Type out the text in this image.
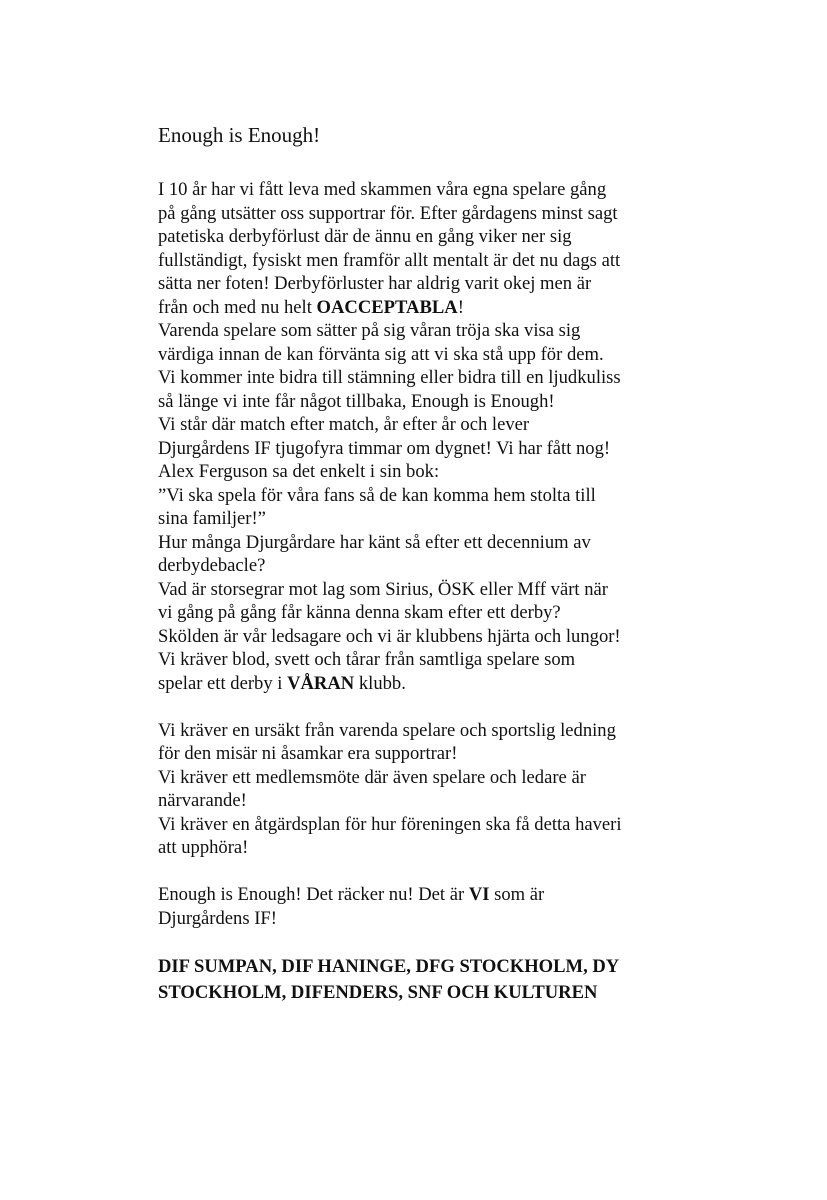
Enough is Enough!

I 10 år har vi fått leva med skammen våra egna spelare gång
på gång utsätter oss supportrar för. Efter gårdagens minst sagt
patetiska derbyförlust där de ännu en gång viker ner sig
fullständigt, fysiskt men framför allt mentalt är det nu dags att
sätta ner foten! Derbyförluster har aldrig varit okej men är
från och med nu helt OACCEPTABLA!
Varenda spelare som sätter på sig våran tröja ska visa sig
värdiga innan de kan förvänta sig att vi ska stå upp för dem.
Vi kommer inte bidra till stämning eller bidra till en ljudkuliss
så länge vi inte får något tillbaka, Enough is Enough!
Vi står där match efter match, år efter år och lever
Djurgårdens IF tjugofyra timmar om dygnet! Vi har fått nog!
Alex Ferguson sa det enkelt i sin bok:
”Vi ska spela för våra fans så de kan komma hem stolta till
sina familjer!”
Hur många Djurgårdare har känt så efter ett decennium av
derbydebacle?
Vad är storsegrar mot lag som Sirius, ÖSK eller Mff värt när
vi gång på gång får känna denna skam efter ett derby?
Skölden är vår ledsagare och vi är klubbens hjärta och lungor!
Vi kräver blod, svett och tårar från samtliga spelare som
spelar ett derby i VÅRAN klubb.

Vi kräver en ursäkt från varenda spelare och sportslig ledning
för den misär ni åsamkar era supportrar!
Vi kräver ett medlemsmöte där även spelare och ledare är
närvarande!
Vi kräver en åtgärdsplan för hur föreningen ska få detta haveri
att upphöra!

Enough is Enough! Det räcker nu! Det är VI som är
Djurgårdens IF!

DIF SUMPAN, DIF HANINGE, DFG STOCKHOLM, DY
STOCKHOLM, DIFENDERS, SNF OCH KULTUREN
